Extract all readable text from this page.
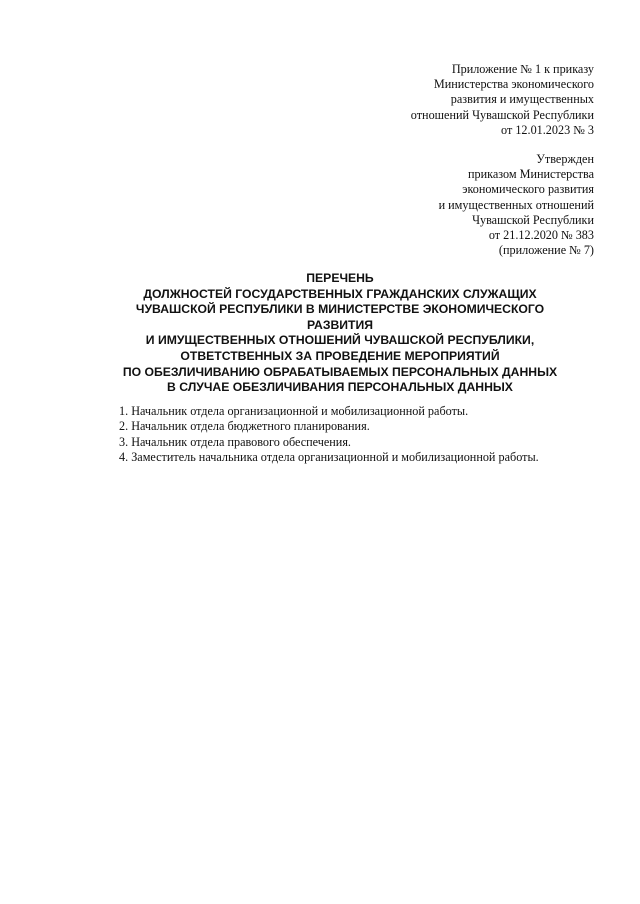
Приложение № 1 к приказу
Министерства экономического
развития и имущественных
отношений Чувашской Республики
от 12.01.2023 № 3
Утвержден
приказом Министерства
экономического развития
и имущественных отношений
Чувашской Республики
от 21.12.2020 № 383
(приложение № 7)
ПЕРЕЧЕНЬ
ДОЛЖНОСТЕЙ ГОСУДАРСТВЕННЫХ ГРАЖДАНСКИХ СЛУЖАЩИХ
ЧУВАШСКОЙ РЕСПУБЛИКИ В МИНИСТЕРСТВЕ ЭКОНОМИЧЕСКОГО
РАЗВИТИЯ
И ИМУЩЕСТВЕННЫХ ОТНОШЕНИЙ ЧУВАШСКОЙ РЕСПУБЛИКИ,
ОТВЕТСТВЕННЫХ ЗА ПРОВЕДЕНИЕ МЕРОПРИЯТИЙ
ПО ОБЕЗЛИЧИВАНИЮ ОБРАБАТЫВАЕМЫХ ПЕРСОНАЛЬНЫХ ДАННЫХ
В СЛУЧАЕ ОБЕЗЛИЧИВАНИЯ ПЕРСОНАЛЬНЫХ ДАННЫХ
1. Начальник отдела организационной и мобилизационной работы.
2. Начальник отдела бюджетного планирования.
3. Начальник отдела правового обеспечения.
4. Заместитель начальника отдела организационной и мобилизационной работы.
